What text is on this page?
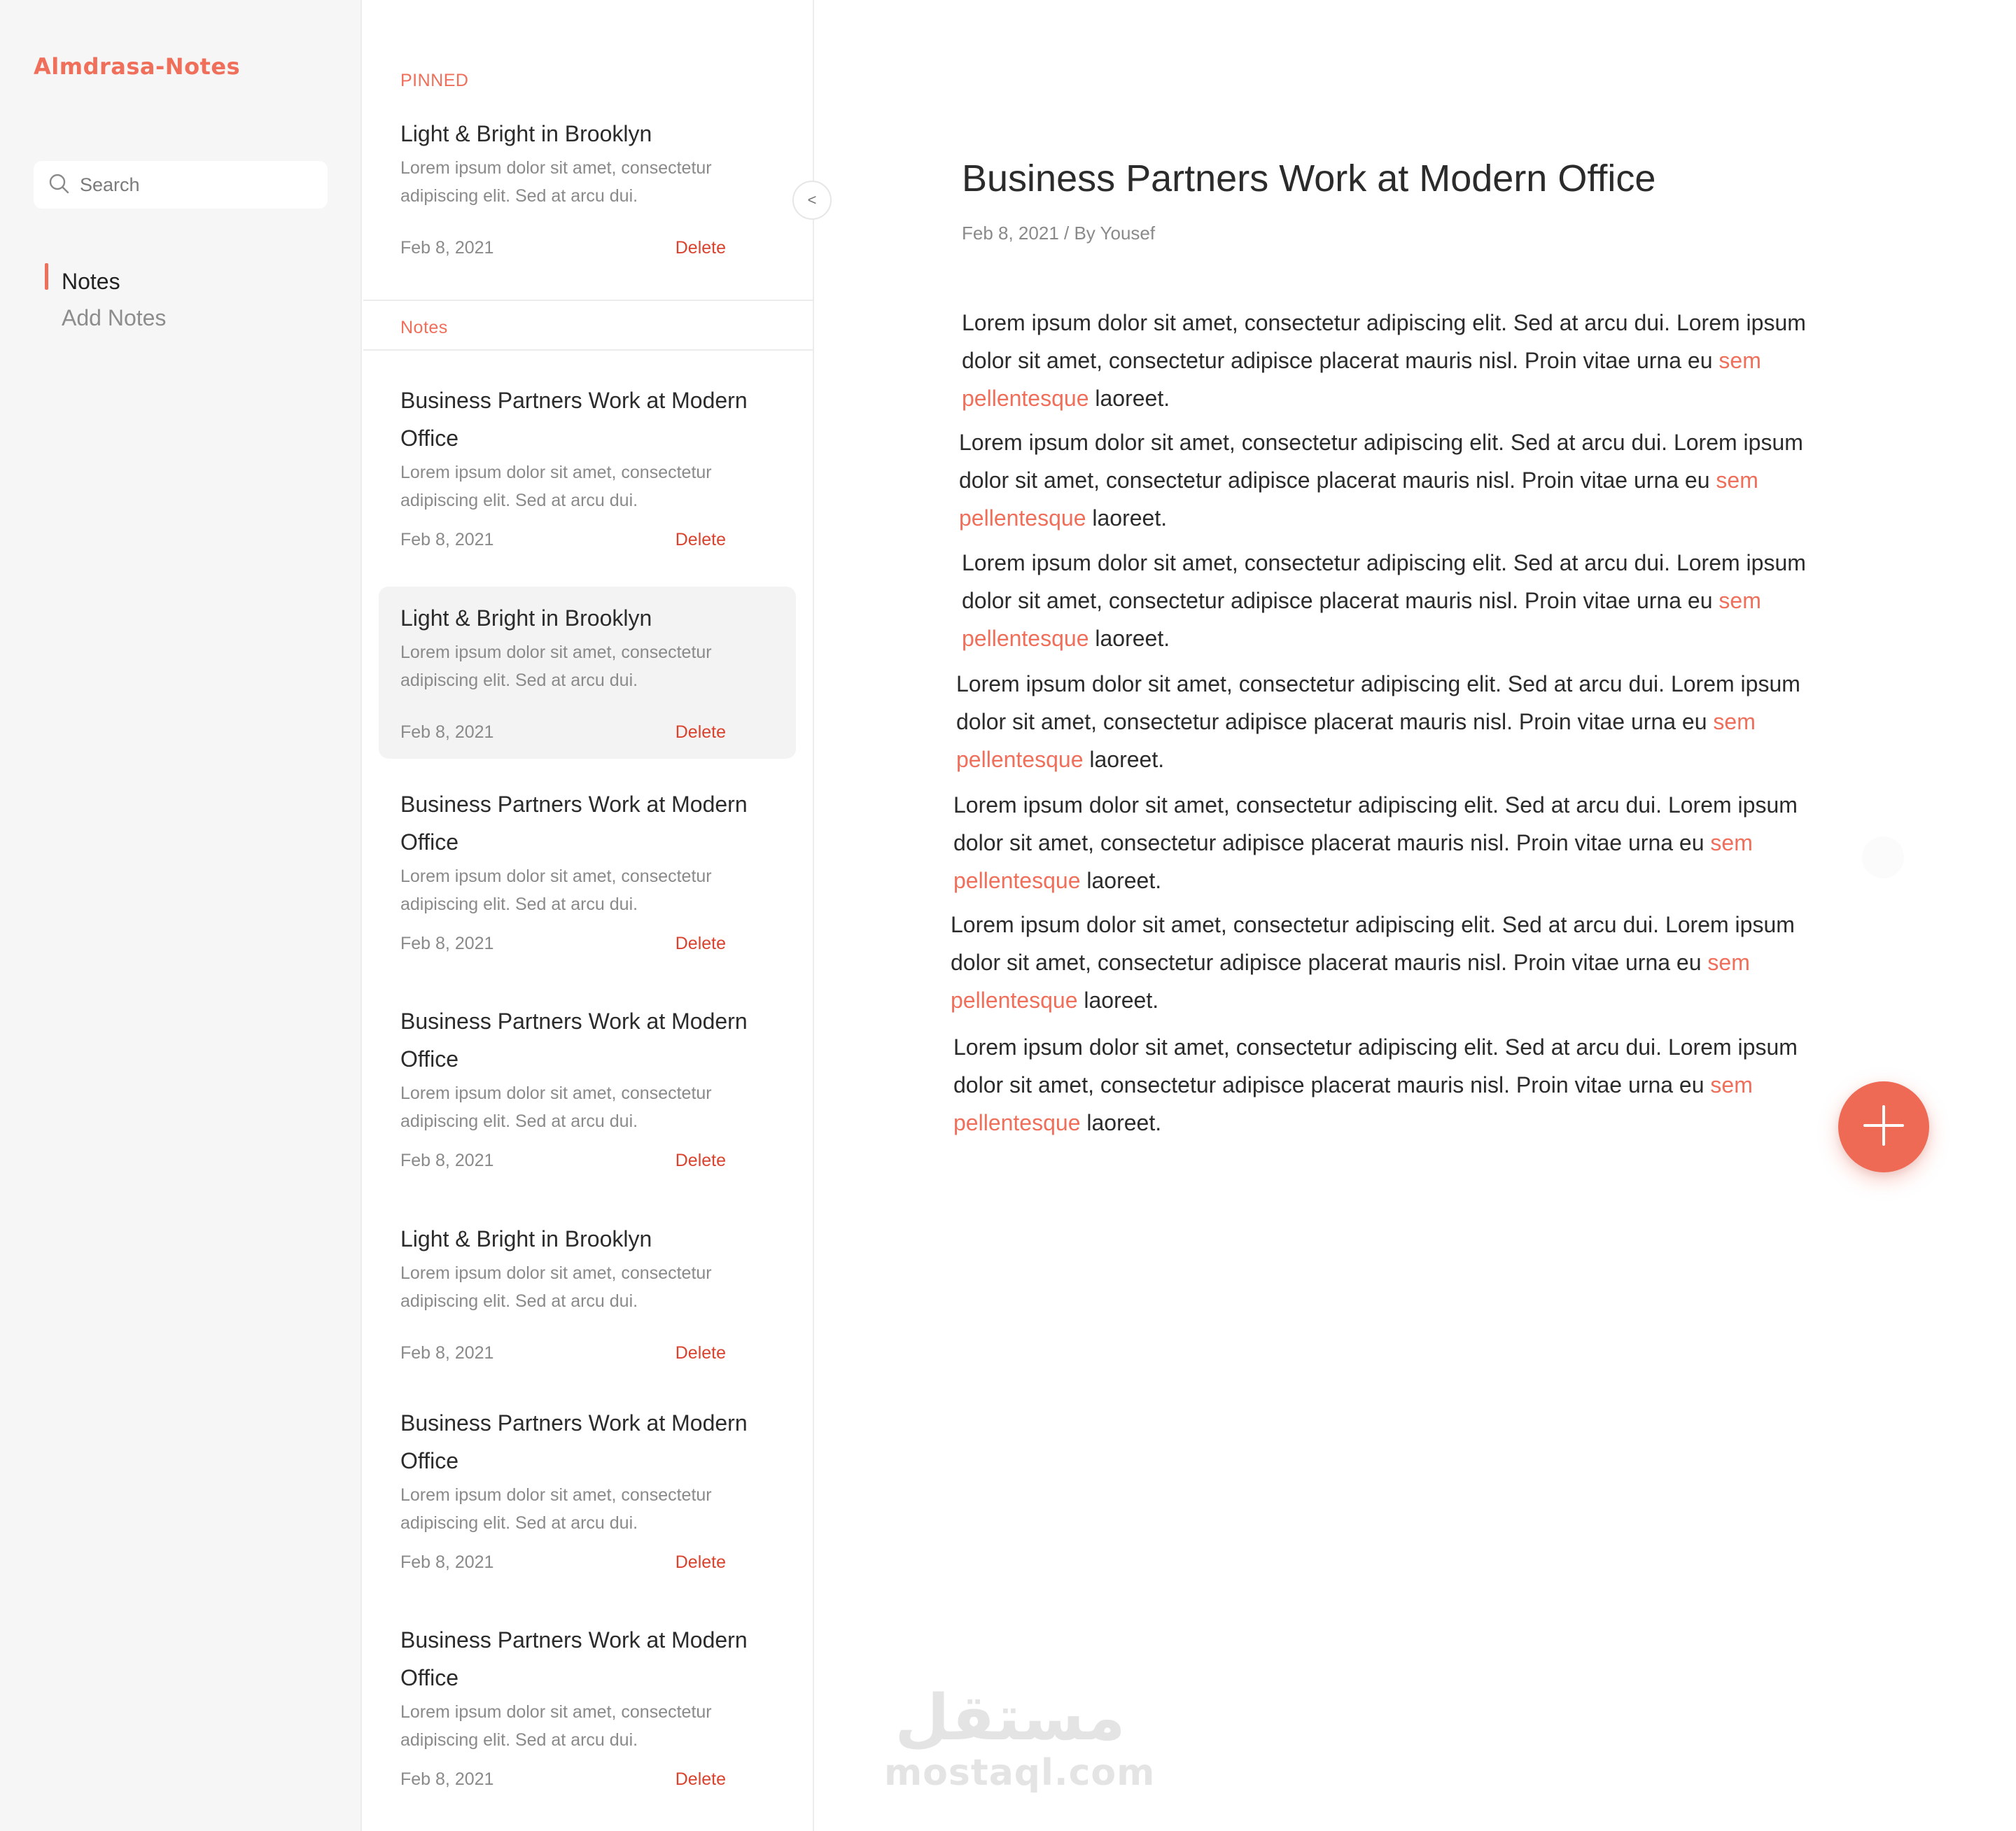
Almdrasa-Notes
Search
Notes
Add Notes
PINNED
Light & Bright in Brooklyn
Lorem ipsum dolor sit amet, consectetur adipiscing elit. Sed at arcu dui.
Feb 8, 2021	Delete
Notes
Business Partners Work at Modern Office
Lorem ipsum dolor sit amet, consectetur adipiscing elit. Sed at arcu dui.
Feb 8, 2021	Delete
Light & Bright in Brooklyn
Lorem ipsum dolor sit amet, consectetur adipiscing elit. Sed at arcu dui.
Feb 8, 2021	Delete
Business Partners Work at Modern Office
Lorem ipsum dolor sit amet, consectetur adipiscing elit. Sed at arcu dui.
Feb 8, 2021	Delete
Business Partners Work at Modern Office
Lorem ipsum dolor sit amet, consectetur adipiscing elit. Sed at arcu dui.
Feb 8, 2021	Delete
Light & Bright in Brooklyn
Lorem ipsum dolor sit amet, consectetur adipiscing elit. Sed at arcu dui.
Feb 8, 2021	Delete
Business Partners Work at Modern Office
Lorem ipsum dolor sit amet, consectetur adipiscing elit. Sed at arcu dui.
Feb 8, 2021	Delete
Business Partners Work at Modern Office
Lorem ipsum dolor sit amet, consectetur adipiscing elit. Sed at arcu dui.
Feb 8, 2021	Delete
<
Business Partners Work at Modern Office
Feb 8, 2021 / By Yousef

Lorem ipsum dolor sit amet, consectetur adipiscing elit. Sed at arcu dui. Lorem ipsum dolor sit amet, consectetur adipisce placerat mauris nisl. Proin vitae urna eu sem pellentesque laoreet.

Lorem ipsum dolor sit amet, consectetur adipiscing elit. Sed at arcu dui. Lorem ipsum dolor sit amet, consectetur adipisce placerat mauris nisl. Proin vitae urna eu sem pellentesque laoreet.

Lorem ipsum dolor sit amet, consectetur adipiscing elit. Sed at arcu dui. Lorem ipsum dolor sit amet, consectetur adipisce placerat mauris nisl. Proin vitae urna eu sem pellentesque laoreet.

Lorem ipsum dolor sit amet, consectetur adipiscing elit. Sed at arcu dui. Lorem ipsum dolor sit amet, consectetur adipisce placerat mauris nisl. Proin vitae urna eu sem pellentesque laoreet.

Lorem ipsum dolor sit amet, consectetur adipiscing elit. Sed at arcu dui. Lorem ipsum dolor sit amet, consectetur adipisce placerat mauris nisl. Proin vitae urna eu sem pellentesque laoreet.

Lorem ipsum dolor sit amet, consectetur adipiscing elit. Sed at arcu dui. Lorem ipsum dolor sit amet, consectetur adipisce placerat mauris nisl. Proin vitae urna eu sem pellentesque laoreet.

Lorem ipsum dolor sit amet, consectetur adipiscing elit. Sed at arcu dui. Lorem ipsum dolor sit amet, consectetur adipisce placerat mauris nisl. Proin vitae urna eu sem pellentesque laoreet.

مستقل
mostaql.com
